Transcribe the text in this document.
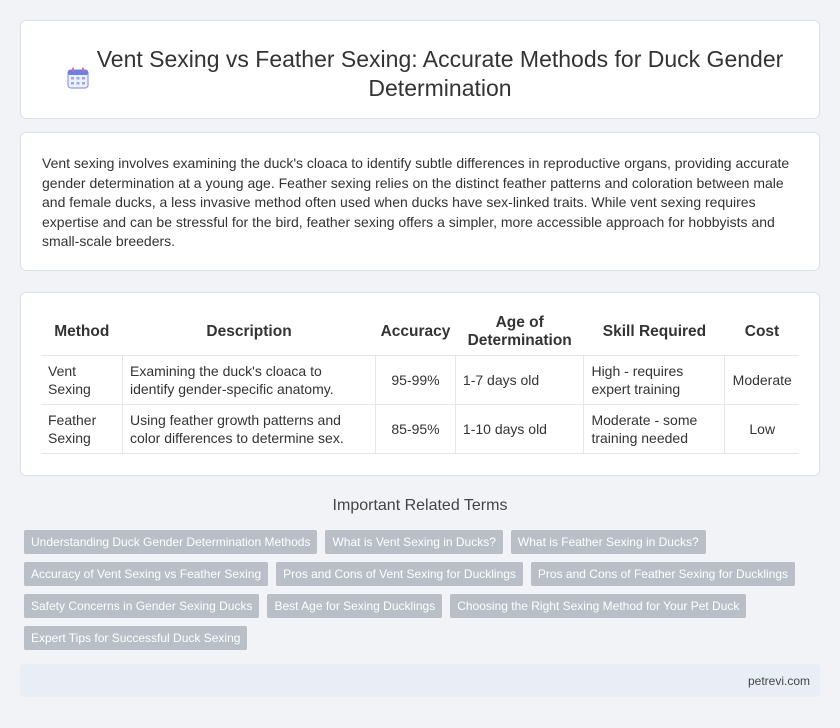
Vent Sexing vs Feather Sexing: Accurate Methods for Duck Gender Determination

Vent sexing involves examining the duck's cloaca to identify subtle differences in reproductive organs, providing accurate gender determination at a young age. Feather sexing relies on the distinct feather patterns and coloration between male and female ducks, a less invasive method often used when ducks have sex-linked traits. While vent sexing requires expertise and can be stressful for the bird, feather sexing offers a simpler, more accessible approach for hobbyists and small-scale breeders.

Method	Description	Accuracy	Age of Determination	Skill Required	Cost
Vent Sexing	Examining the duck's cloaca to identify gender-specific anatomy.	95-99%	1-7 days old	High - requires expert training	Moderate
Feather Sexing	Using feather growth patterns and color differences to determine sex.	85-95%	1-10 days old	Moderate - some training needed	Low
Important Related Terms
Understanding Duck Gender Determination Methods	What is Vent Sexing in Ducks?	What is Feather Sexing in Ducks?
Accuracy of Vent Sexing vs Feather Sexing	Pros and Cons of Vent Sexing for Ducklings	Pros and Cons of Feather Sexing for Ducklings
Safety Concerns in Gender Sexing Ducks	Best Age for Sexing Ducklings	Choosing the Right Sexing Method for Your Pet Duck
Expert Tips for Successful Duck Sexing
petrevi.com
